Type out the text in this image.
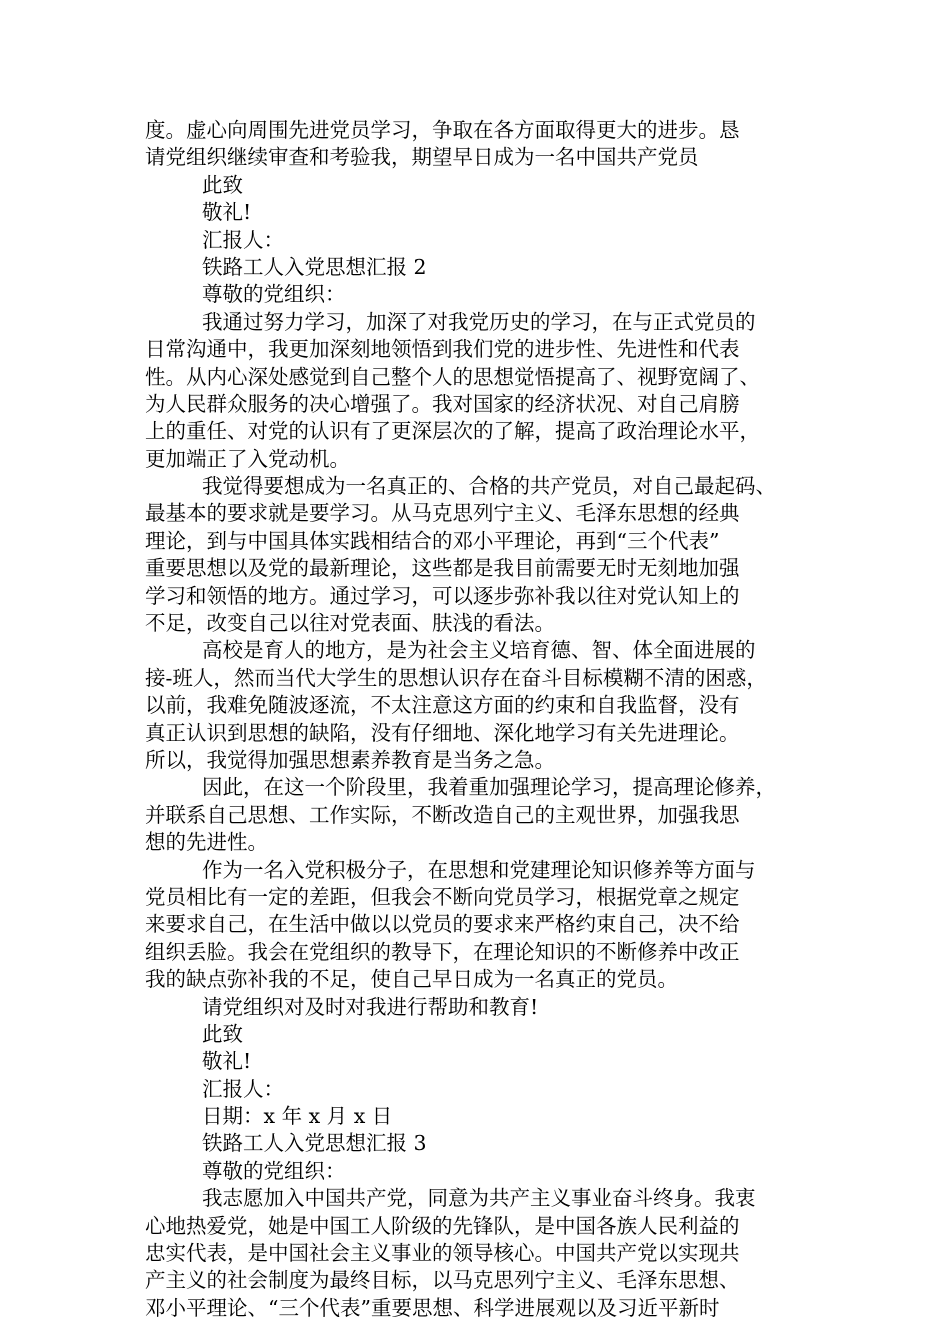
度。虚心向周围先进党员学习，争取在各方面取得更大的进步。恳
请党组织继续审查和考验我，期望早日成为一名中国共产党员
此致
敬礼!
汇报人：
铁路工人入党思想汇报 2
尊敬的党组织：
我通过努力学习，加深了对我党历史的学习，在与正式党员的
日常沟通中，我更加深刻地领悟到我们党的进步性、先进性和代表
性。从内心深处感觉到自己整个人的思想觉悟提高了、视野宽阔了、
为人民群众服务的决心增强了。我对国家的经济状况、对自己肩膀
上的重任、对党的认识有了更深层次的了解，提高了政治理论水平，
更加端正了入党动机。
我觉得要想成为一名真正的、合格的共产党员，对自己最起码、
最基本的要求就是要学习。从马克思列宁主义、毛泽东思想的经典
理论，到与中国具体实践相结合的邓小平理论，再到“三个代表”
重要思想以及党的最新理论，这些都是我目前需要无时无刻地加强
学习和领悟的地方。通过学习，可以逐步弥补我以往对党认知上的
不足，改变自己以往对党表面、肤浅的看法。
高校是育人的地方，是为社会主义培育德、智、体全面进展的
接-班人，然而当代大学生的思想认识存在奋斗目标模糊不清的困惑，
以前，我难免随波逐流，不太注意这方面的约束和自我监督，没有
真正认识到思想的缺陷，没有仔细地、深化地学习有关先进理论。
所以，我觉得加强思想素养教育是当务之急。
因此，在这一个阶段里，我着重加强理论学习，提高理论修养，
并联系自己思想、工作实际，不断改造自己的主观世界，加强我思
想的先进性。
作为一名入党积极分子，在思想和党建理论知识修养等方面与
党员相比有一定的差距，但我会不断向党员学习，根据党章之规定
来要求自己，在生活中做以以党员的要求来严格约束自己，决不给
组织丢脸。我会在党组织的教导下，在理论知识的不断修养中改正
我的缺点弥补我的不足，使自己早日成为一名真正的党员。
请党组织对及时对我进行帮助和教育!
此致
敬礼!
汇报人：
日期：x 年 x 月 x 日
铁路工人入党思想汇报 3
尊敬的党组织：
我志愿加入中国共产党，同意为共产主义事业奋斗终身。我衷
心地热爱党，她是中国工人阶级的先锋队，是中国各族人民利益的
忠实代表，是中国社会主义事业的领导核心。中国共产党以实现共
产主义的社会制度为最终目标，以马克思列宁主义、毛泽东思想、
邓小平理论、“三个代表”重要思想、科学进展观以及习近平新时
